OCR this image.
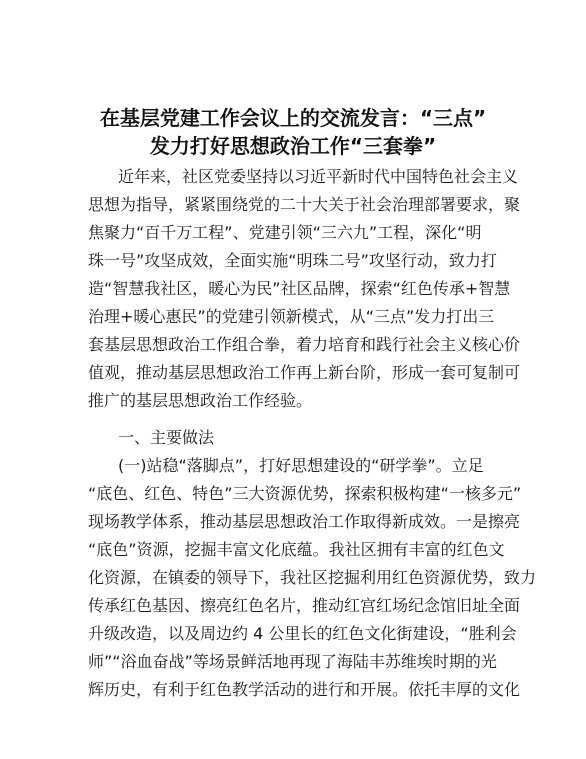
在基层党建工作会议上的交流发言：“三点”
发力打好思想政治工作“三套拳”
近年来，社区党委坚持以习近平新时代中国特色社会主义
思想为指导，紧紧围绕党的二十大关于社会治理部署要求，聚
焦聚力“百千万工程”、党建引领“三六九”工程，深化“明
珠一号”攻坚成效，全面实施“明珠二号”攻坚行动，致力打
造“智慧我社区，暖心为民”社区品牌，探索“红色传承+智慧
治理+暖心惠民”的党建引领新模式，从“三点”发力打出三
套基层思想政治工作组合拳，着力培育和践行社会主义核心价
值观，推动基层思想政治工作再上新台阶，形成一套可复制可
推广的基层思想政治工作经验。
一、主要做法
(一)站稳“落脚点”，打好思想建设的“研学拳”。立足
“底色、红色、特色”三大资源优势，探索积极构建“一核多元”
现场教学体系，推动基层思想政治工作取得新成效。一是擦亮
“底色”资源，挖掘丰富文化底蕴。我社区拥有丰富的红色文
化资源，在镇委的领导下，我社区挖掘利用红色资源优势，致力
传承红色基因、擦亮红色名片，推动红宫红场纪念馆旧址全面
升级改造，以及周边约 4 公里长的红色文化街建设，“胜利会
师”“浴血奋战”等场景鲜活地再现了海陆丰苏维埃时期的光
辉历史，有利于红色教学活动的进行和开展。依托丰厚的文化
